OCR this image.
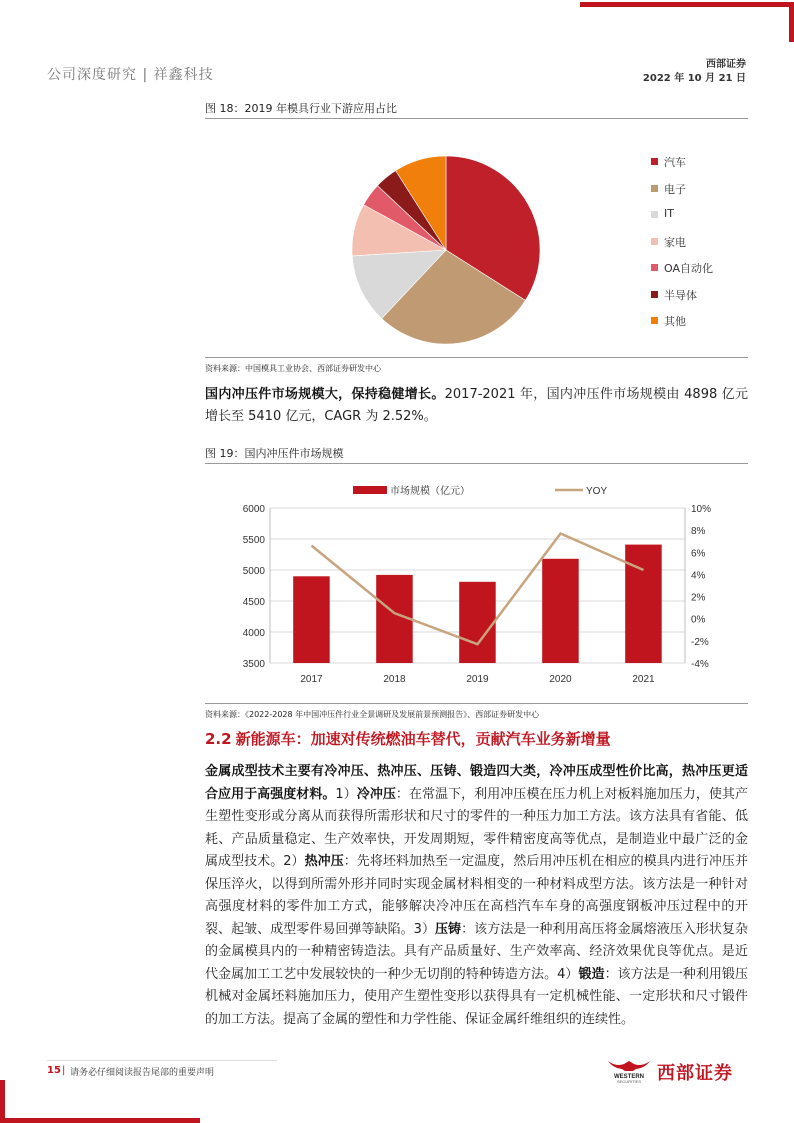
公司深度研究 | 祥鑫科技
西部证券
2022 年 10 月 21 日
图 18：2019 年模具行业下游应用占比
汽车
电子
IT
家电
OA自动化
半导体
其他
资料来源：中国模具工业协会、西部证券研发中心
国内冲压件市场规模大，保持稳健增长。2017-2021 年，国内冲压件市场规模由 4898 亿元增长至 5410 亿元，CAGR 为 2.52%。
图 19：国内冲压件市场规模
3500
4000
4500
5000
5500
6000
-4%
-2%
0%
2%
4%
6%
8%
10%
2017	2018	2019	2020	2021
市场规模（亿元）	YOY
资料来源：《2022-2028 年中国冲压件行业全景调研及发展前景预测报告》、西部证券研发中心
2.2 新能源车：加速对传统燃油车替代，贡献汽车业务新增量
金属成型技术主要有冷冲压、热冲压、压铸、锻造四大类，冷冲压成型性价比高，热冲压更适合应用于高强度材料。1）冷冲压：在常温下，利用冲压模在压力机上对板料施加压力，使其产生塑性变形或分离从而获得所需形状和尺寸的零件的一种压力加工方法。该方法具有省能、低耗、产品质量稳定、生产效率快，开发周期短，零件精密度高等优点，是制造业中最广泛的金属成型技术。2）热冲压：先将坯料加热至一定温度，然后用冲压机在相应的模具内进行冲压并保压淬火，以得到所需外形并同时实现金属材料相变的一种材料成型方法。该方法是一种针对高强度材料的零件加工方式，能够解决冷冲压在高档汽车车身的高强度钢板冲压过程中的开裂、起皱、成型零件易回弹等缺陷。3）压铸：该方法是一种利用高压将金属熔液压入形状复杂的金属模具内的一种精密铸造法。具有产品质量好、生产效率高、经济效果优良等优点。是近代金属加工工艺中发展较快的一种少无切削的特种铸造方法。4）锻造：该方法是一种利用锻压机械对金属坯料施加压力，使用产生塑性变形以获得具有一定机械性能、一定形状和尺寸锻件的加工方法。提高了金属的塑性和力学性能、保证金属纤维组织的连续性。
15 | 请务必仔细阅读报告尾部的重要声明	WESTERN
SECURITIES 西部证券
